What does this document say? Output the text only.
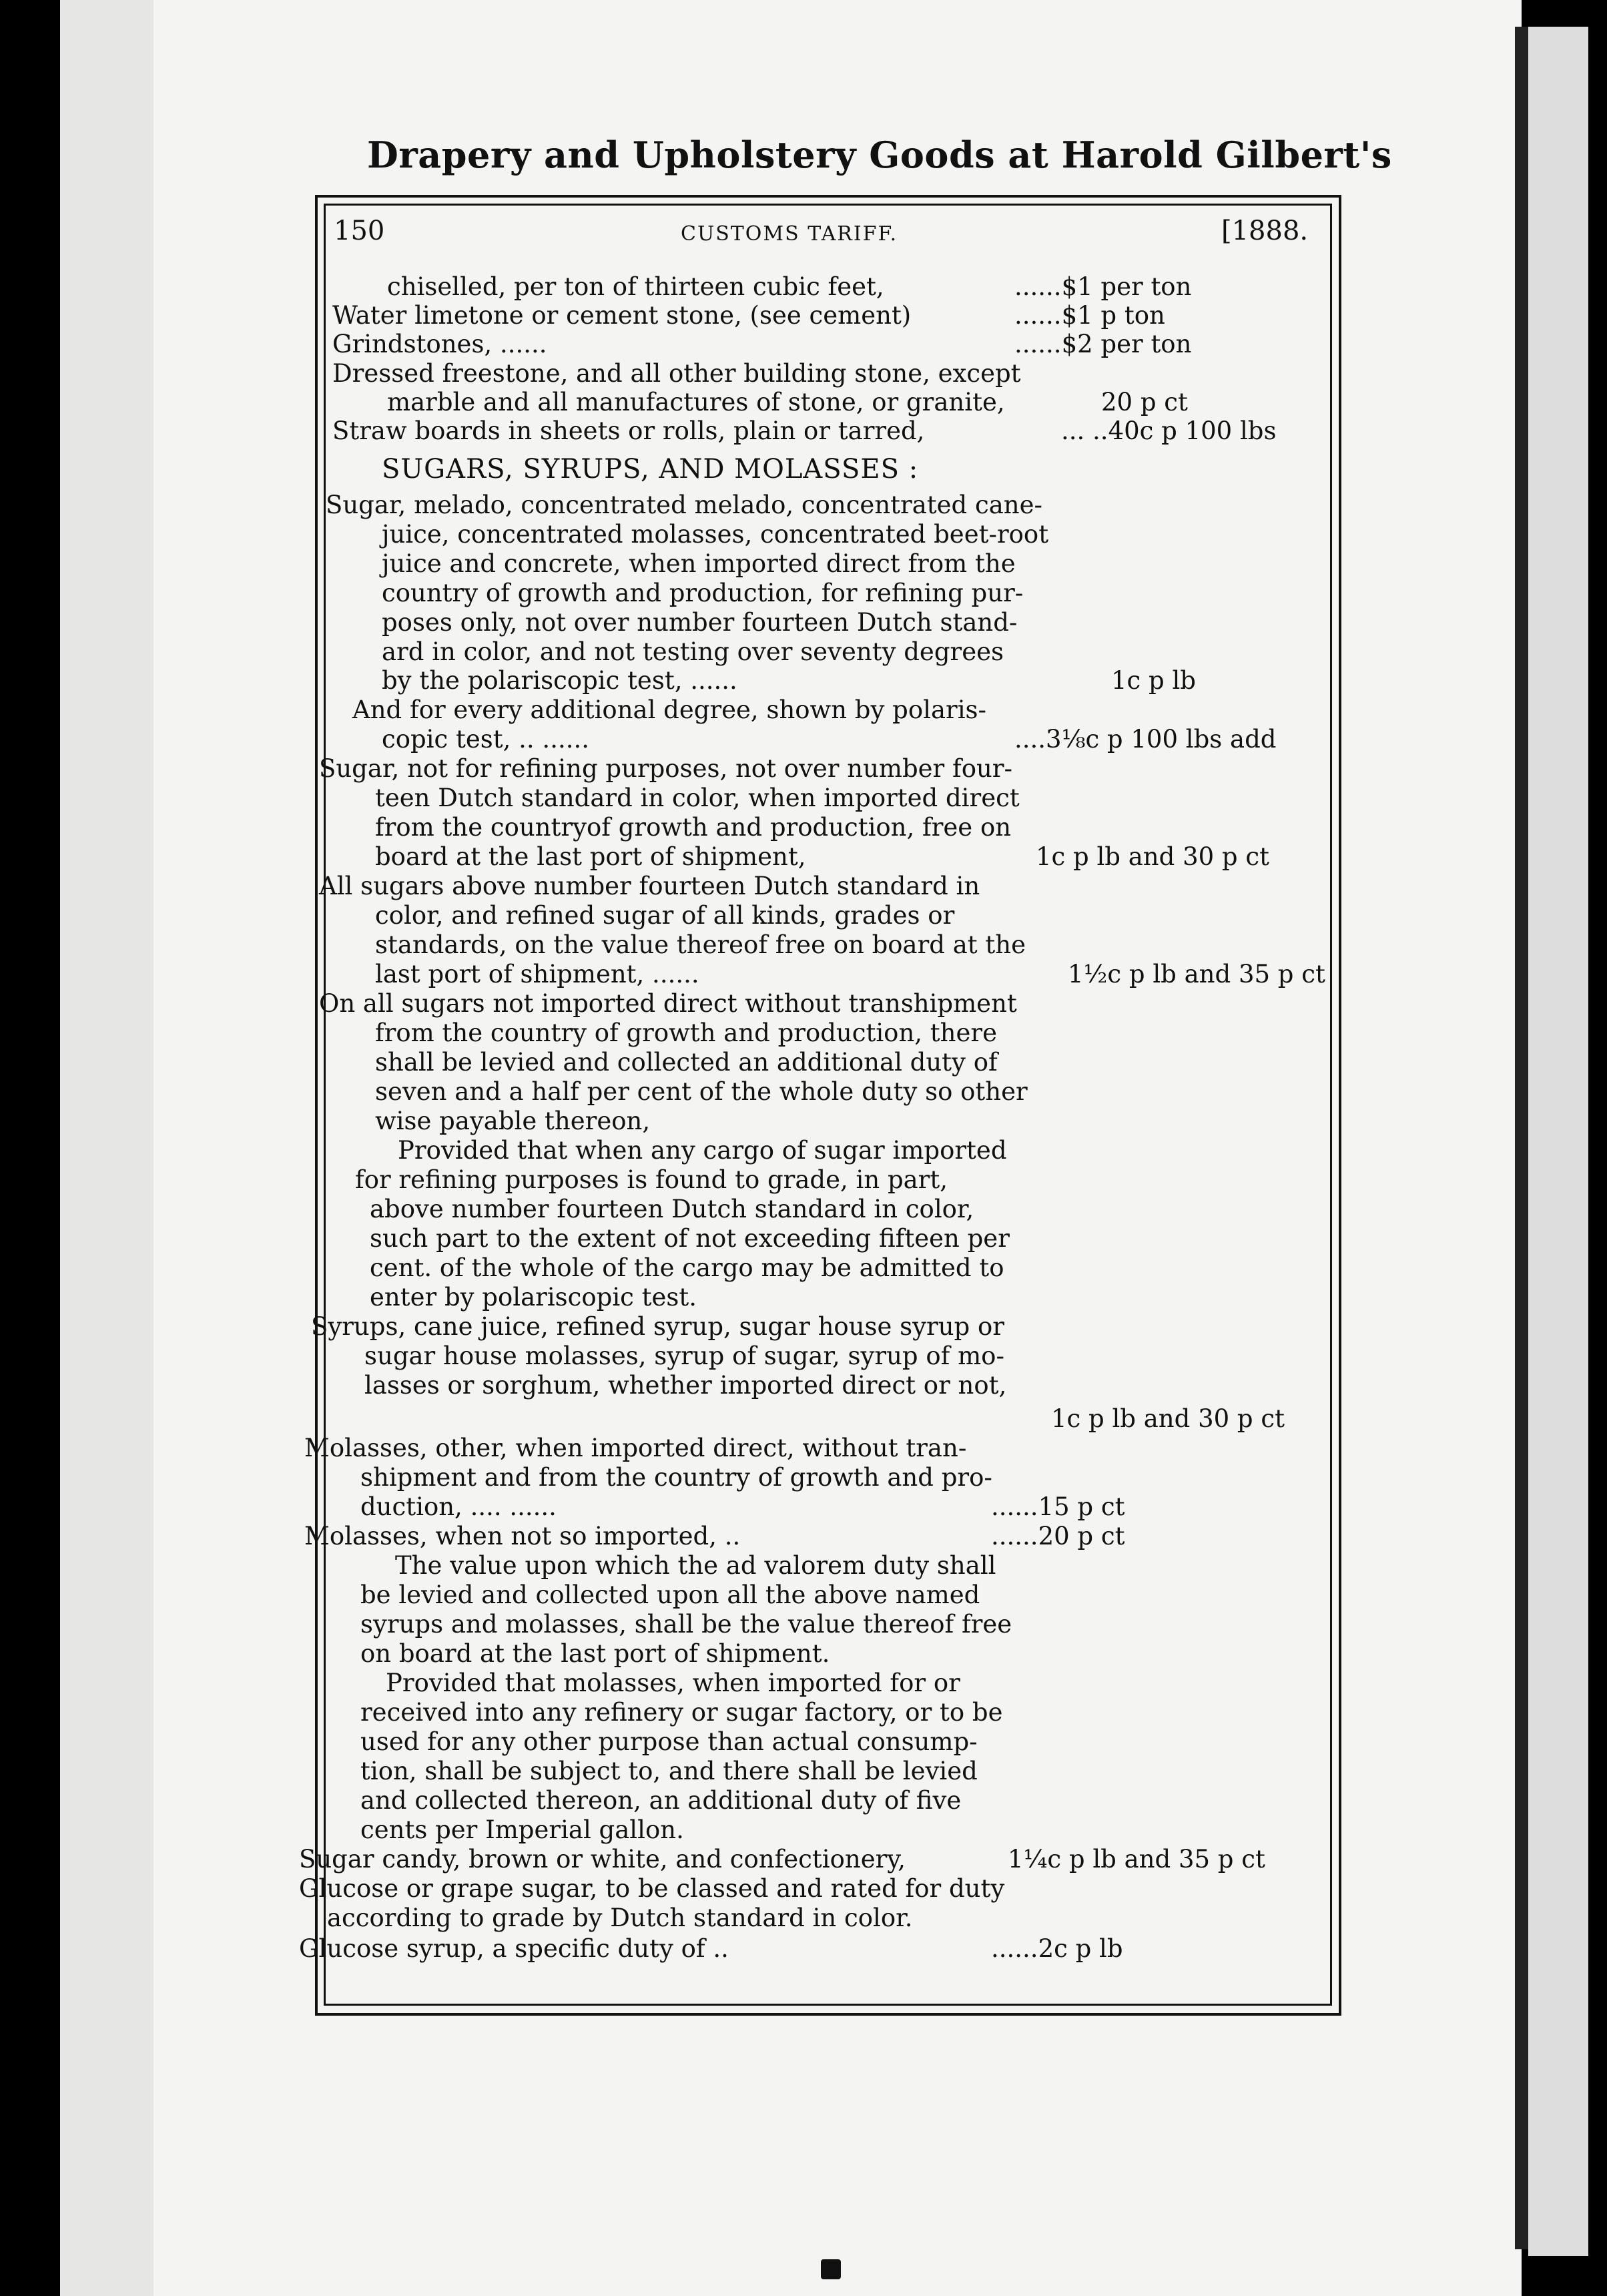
Drapery and Upholstery Goods at Harold Gilbert's
150	CUSTOMS TARIFF.	[1888.
chiselled, per ton of thirteen cubic feet,	......$1 per ton
Water limetone or cement stone, (see cement)	......$1 p ton
Grindstones, ......	......$2 per ton
Dressed freestone, and all other building stone, except
marble and all manufactures of stone, or granite,	20 p ct
Straw boards in sheets or rolls, plain or tarred,	... ..40c p 100 lbs
SUGARS, SYRUPS, AND MOLASSES :
Sugar, melado, concentrated melado, concentrated cane-
juice, concentrated molasses, concentrated beet-root
juice and concrete, when imported direct from the
country of growth and production, for refining pur-
poses only, not over number fourteen Dutch stand-
ard in color, and not testing over seventy degrees
by the polariscopic test, ......	1c p lb
And for every additional degree, shown by polaris-
copic test, .. ......	....3⅛c p 100 lbs add
Sugar, not for refining purposes, not over number four-
teen Dutch standard in color, when imported direct
from the countryof growth and production, free on
board at the last port of shipment,	1c p lb and 30 p ct
All sugars above number fourteen Dutch standard in
color, and refined sugar of all kinds, grades or
standards, on the value thereof free on board at the
last port of shipment, ......	1½c p lb and 35 p ct
On all sugars not imported direct without transhipment
from the country of growth and production, there
shall be levied and collected an additional duty of
seven and a half per cent of the whole duty so other
wise payable thereon,
Provided that when any cargo of sugar imported
for refining purposes is found to grade, in part,
above number fourteen Dutch standard in color,
such part to the extent of not exceeding fifteen per
cent. of the whole of the cargo may be admitted to
enter by polariscopic test.
Syrups, cane juice, refined syrup, sugar house syrup or
sugar house molasses, syrup of sugar, syrup of mo-
lasses or sorghum, whether imported direct or not,
1c p lb and 30 p ct
Molasses, other, when imported direct, without tran-
shipment and from the country of growth and pro-
duction, .... ......	......15 p ct
Molasses, when not so imported, ..	......20 p ct
The value upon which the ad valorem duty shall
be levied and collected upon all the above named
syrups and molasses, shall be the value thereof free
on board at the last port of shipment.
Provided that molasses, when imported for or
received into any refinery or sugar factory, or to be
used for any other purpose than actual consump-
tion, shall be subject to, and there shall be levied
and collected thereon, an additional duty of five
cents per Imperial gallon.
Sugar candy, brown or white, and confectionery,	1¼c p lb and 35 p ct
Glucose or grape sugar, to be classed and rated for duty
according to grade by Dutch standard in color.
Glucose syrup, a specific duty of ..	......2c p lb
